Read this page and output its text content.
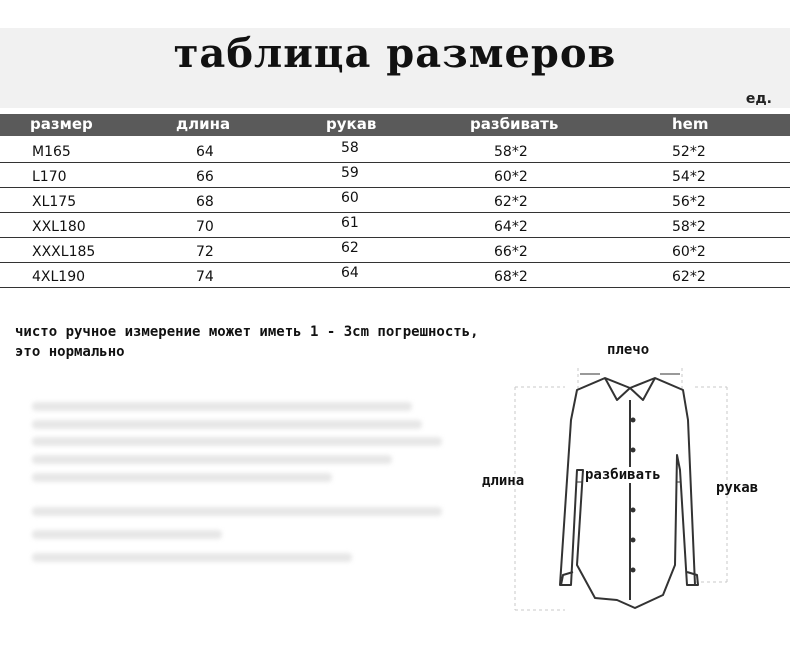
таблица размеров
ед.
размер	длина	рукав	разбивать	hem
M165	64	58	58*2	52*2
L170	66	59	60*2	54*2
XL175	68	60	62*2	56*2
XXL180	70	61	64*2	58*2
XXXL185	72	62	66*2	60*2
4XL190	74	64	68*2	62*2
чисто ручное измерение может иметь 1 - 3cm погрешность,
это нормально	плечо
длина	разбивать
рукав
